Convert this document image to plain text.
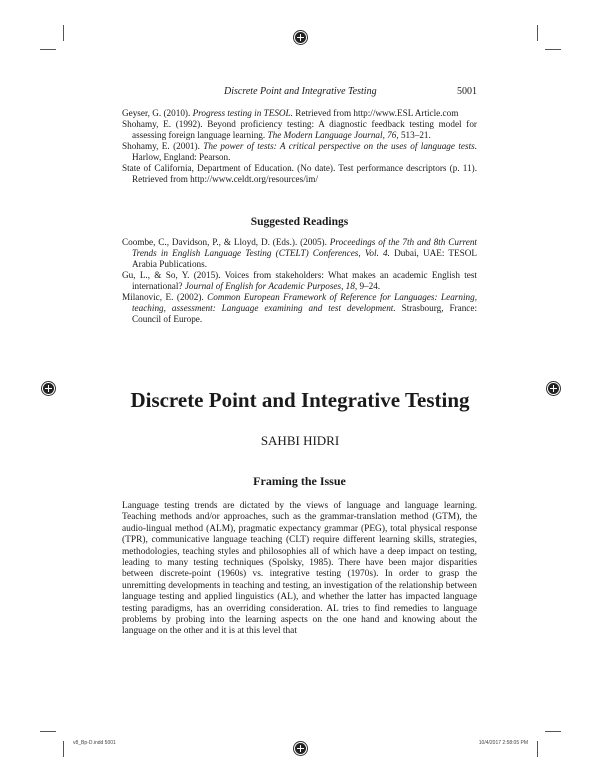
Discrete Point and Integrative Testing	5001

Geyser, G. (2010). Progress testing in TESOL. Retrieved from http://www.ESL Article.com

Shohamy, E. (1992). Beyond proficiency testing: A diagnostic feedback testing model for assessing foreign language learning. The Modern Language Journal, 76, 513–21.

Shohamy, E. (2001). The power of tests: A critical perspective on the uses of language tests. Harlow, England: Pearson.

State of California, Department of Education. (No date). Test performance descriptors (p. 11). Retrieved from http://www.celdt.org/resources/im/

Suggested Readings

Coombe, C., Davidson, P., & Lloyd, D. (Eds.). (2005). Proceedings of the 7th and 8th Current Trends in English Language Testing (CTELT) Conferences, Vol. 4. Dubai, UAE: TESOL Arabia Publications.

Gu, L., & So, Y. (2015). Voices from stakeholders: What makes an academic English test international? Journal of English for Academic Purposes, 18, 9–24.

Milanovic, E. (2002). Common European Framework of Reference for Languages: Learning, teaching, assessment: Language examining and test development. Strasbourg, France: Council of Europe.

Discrete Point and Integrative Testing
SAHBI HIDRI

Framing the Issue

Language testing trends are dictated by the views of language and language learning. Teaching methods and/or approaches, such as the grammar-translation method (GTM), the audio-lingual method (ALM), pragmatic expectancy grammar (PEG), total physical response (TPR), communicative language teaching (CLT) require different learning skills, strategies, methodologies, teaching styles and philosophies all of which have a deep impact on testing, leading to many testing techniques (Spolsky, 1985). There have been major disparities between discrete-point (1960s) vs. integrative testing (1970s). In order to grasp the unremitting developments in teaching and testing, an investigation of the relationship between language testing and applied linguistics (AL), and whether the latter has impacted language testing paradigms, has an overriding consideration. AL tries to find remedies to language problems by probing into the learning aspects on the one hand and knowing about the language on the other and it is at this level that

v8_Bp-D.indd 5001	10/4/2017 2:58:05 PM
